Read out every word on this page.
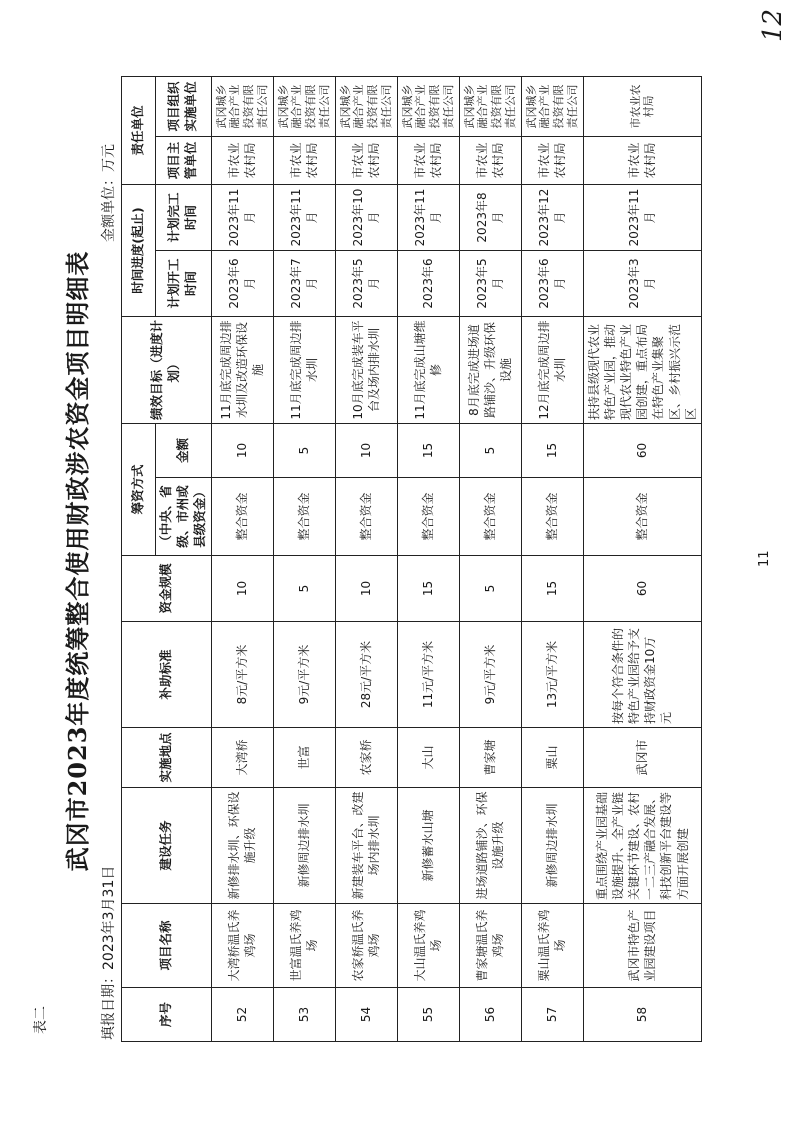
表二
武冈市2023年度统筹整合使用财政涉农资金项目明细表
填报日期：2023年3月31日
金额单位：万元
序号	项目名称	建设任务	实施地点	补助标准	资金规模	筹资方式		绩效目标（进度计划）	时间进度(起止)		责任单位	
						（中央、省级、市州或县级资金）	金额		计划开工时间	计划完工时间	项目主管单位	项目组织实施单位
52	大湾桥温氏养鸡场	新修排水圳、环保设施升级	大湾桥	8元/平方米	10	整合资金	10	11月底完成周边排水圳及改造环保设施	2023年6月	2023年11月	市农业农村局	武冈城乡融合产业投资有限责任公司
53	世富温氏养鸡场	新修周边排水圳	世富	9元/平方米	5	整合资金	5	11月底完成周边排水圳	2023年7月	2023年11月	市农业农村局	武冈城乡融合产业投资有限责任公司
54	农家桥温氏养鸡场	新建装车平台、改建场内排水圳	农家桥	28元/平方米	10	整合资金	10	10月底完成装车平台及场内排水圳	2023年5月	2023年10月	市农业农村局	武冈城乡融合产业投资有限责任公司
55	大山温氏养鸡场	新修蓄水山塘	大山	11元/平方米	15	整合资金	15	11月底完成山塘维修	2023年6	2023年11月	市农业农村局	武冈城乡融合产业投资有限责任公司
56	曹家塘温氏养鸡场	进场道路铺沙、环保设施升级	曹家塘	9元/平方米	5	整合资金	5	8月底完成进场道路铺沙、升级环保设施	2023年5月	2023年8月	市农业农村局	武冈城乡融合产业投资有限责任公司
57	粟山温氏养鸡场	新修周边排水圳	粟山	13元/平方米	15	整合资金	15	12月底完成周边排水圳	2023年6月	2023年12月	市农业农村局	武冈城乡融合产业投资有限责任公司
58	武冈市特色产业园建设项目	重点围绕产业园基础设施提升、全产业链关键环节建设、农村一二三产融合发展、科技创新平台建设等方面开展创建	武冈市	按每个符合条件的特色产业园给予支持财政资金10万元	60	整合资金	60	扶持县级现代农业特色产业园，推动现代农业特色产业园创建，重点布局在特色产业集聚区、乡村振兴示范区	2023年3月	2023年11月	市农业农村局	市农业农村局
11
12
